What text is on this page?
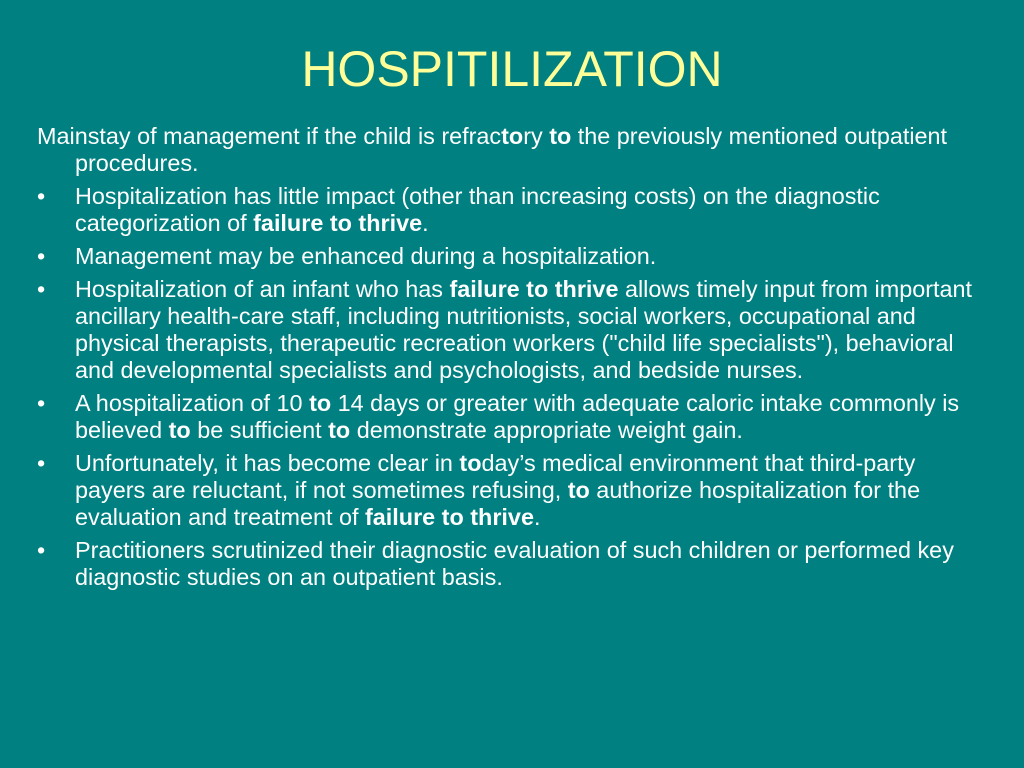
HOSPITILIZATION

Mainstay of management if the child is refractory to the previously mentioned outpatient procedures.

•	Hospitalization has little impact (other than increasing costs) on the diagnostic categorization of failure to thrive.
•	Management may be enhanced during a hospitalization.
•	Hospitalization of an infant who has failure to thrive allows timely input from important ancillary health-care staff, including nutritionists, social workers, occupational and physical therapists, therapeutic recreation workers ("child life specialists"), behavioral and developmental specialists and psychologists, and bedside nurses.
•	A hospitalization of 10 to 14 days or greater with adequate caloric intake commonly is believed to be sufficient to demonstrate appropriate weight gain.
•	Unfortunately, it has become clear in today’s medical environment that third-party payers are reluctant, if not sometimes refusing, to authorize hospitalization for the evaluation and treatment of failure to thrive.
•	Practitioners scrutinized their diagnostic evaluation of such children or performed key diagnostic studies on an outpatient basis.
